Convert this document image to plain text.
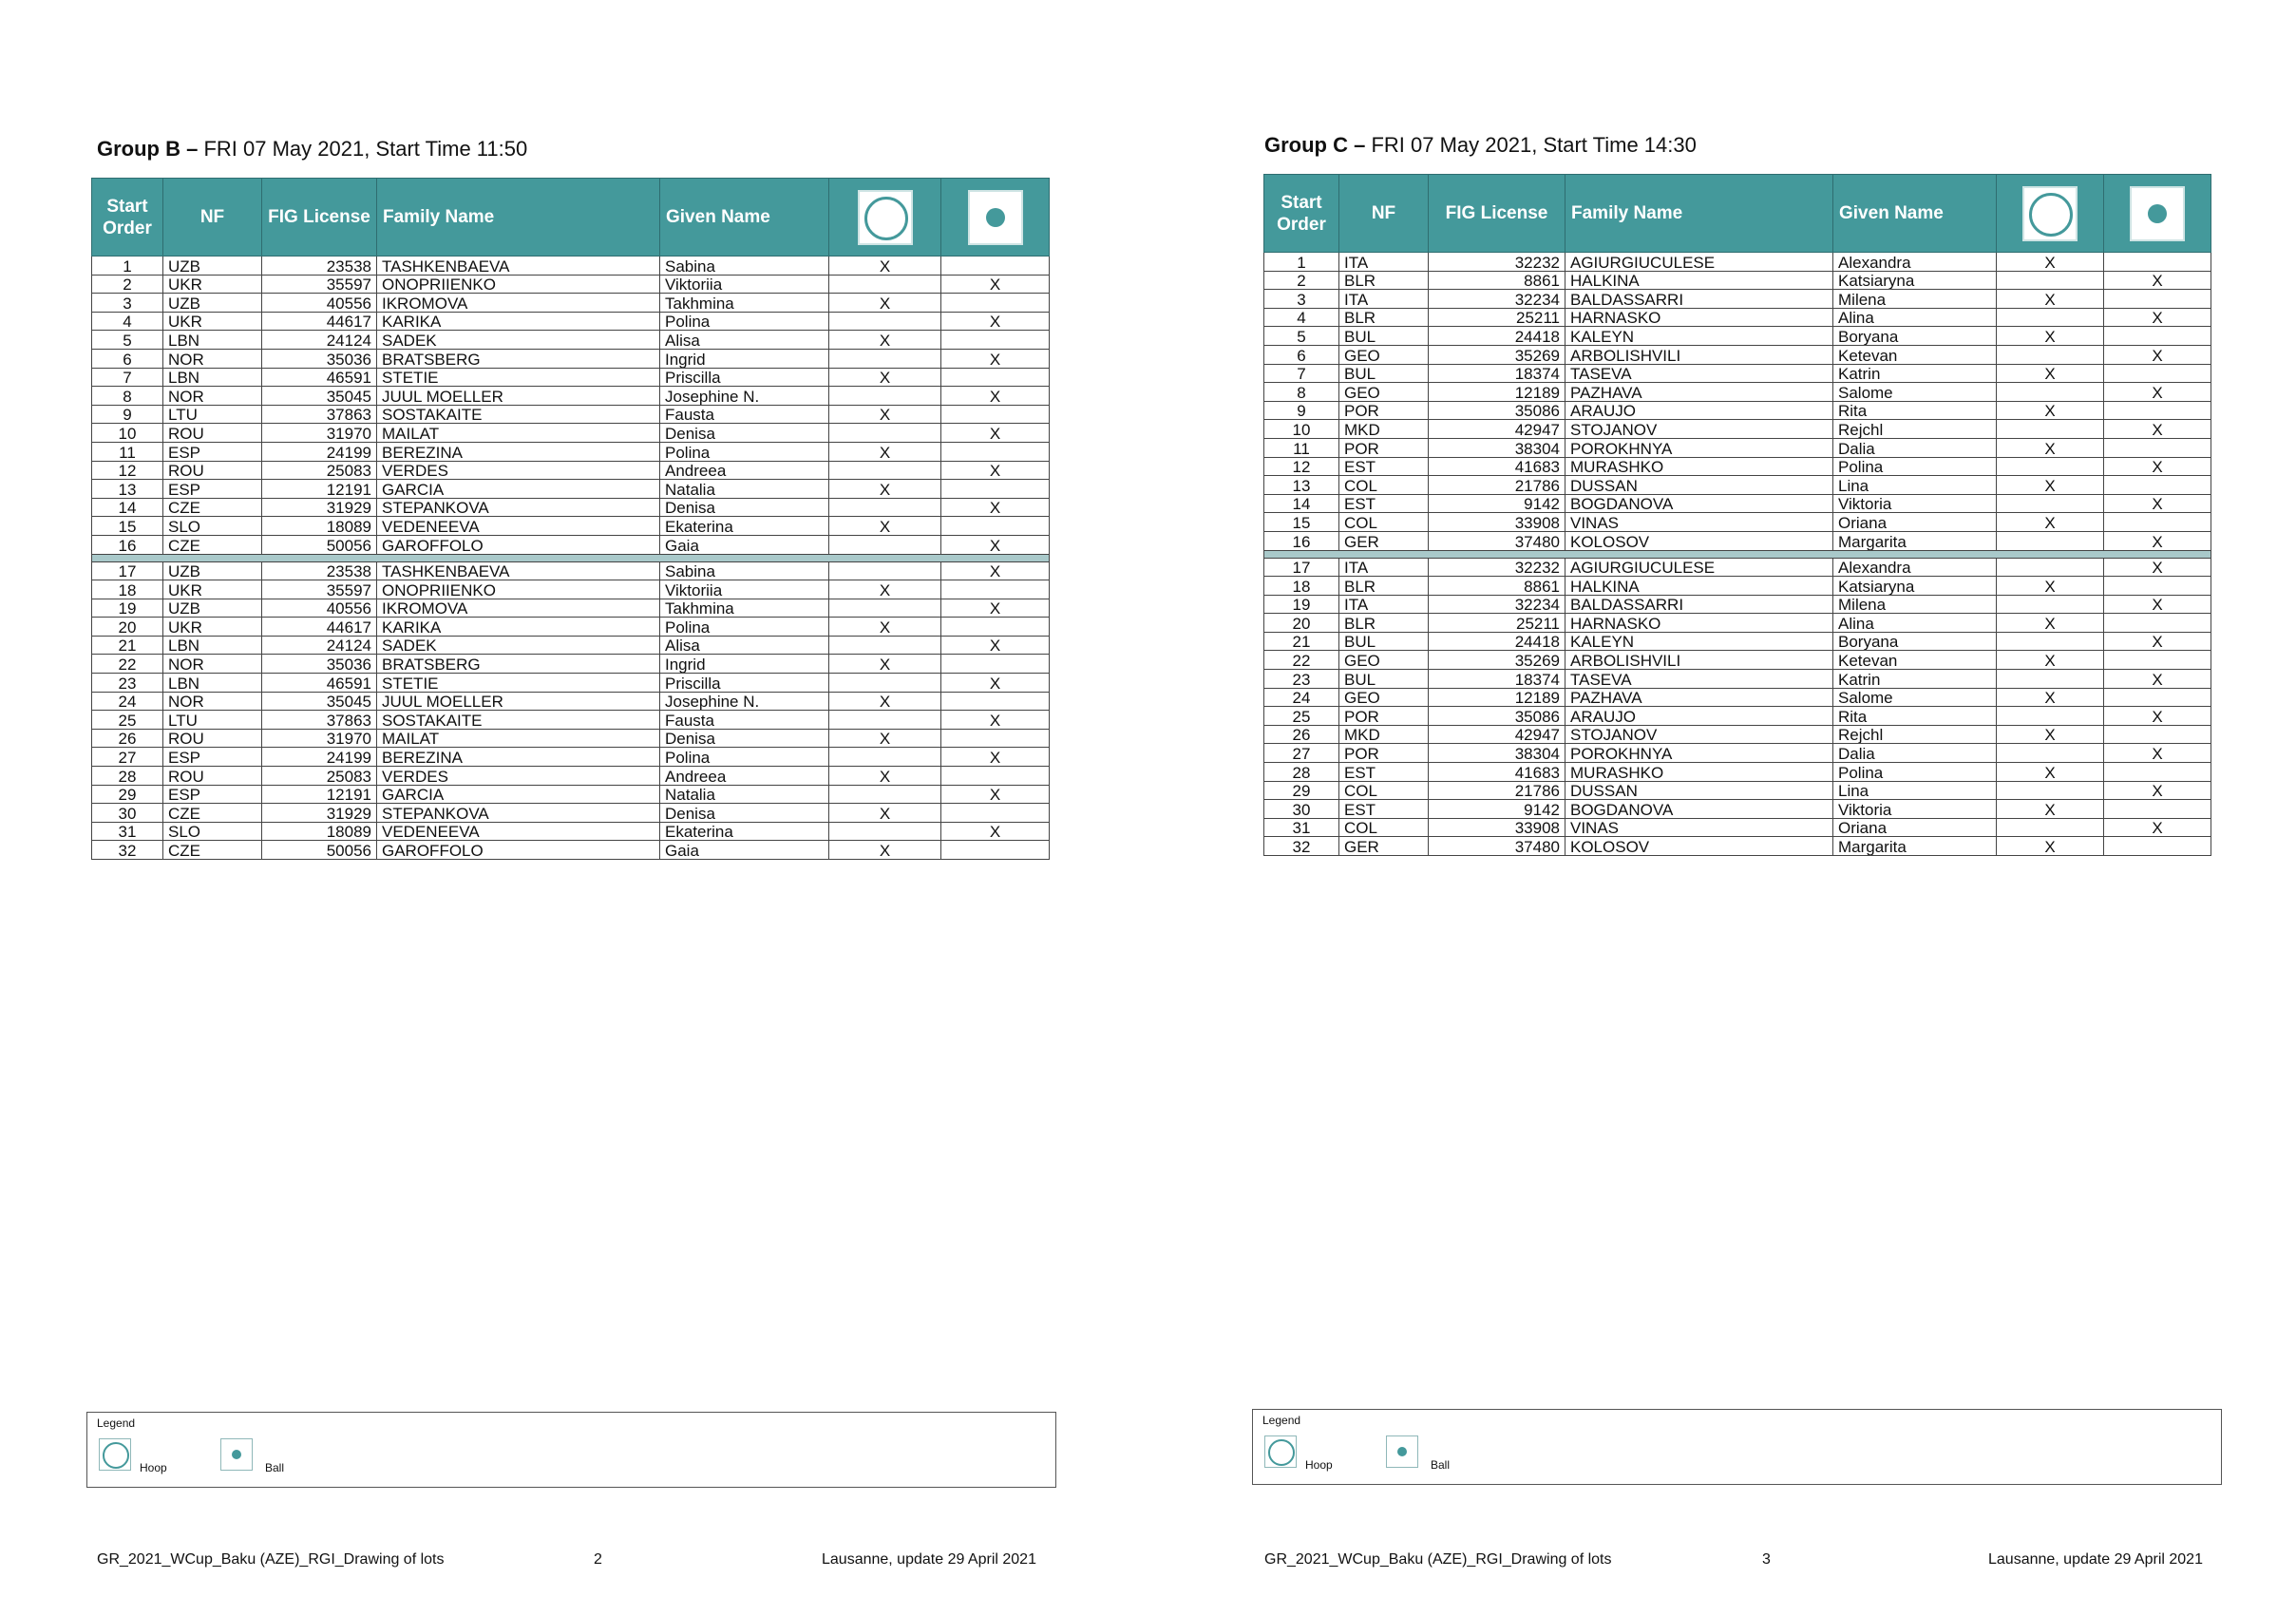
Group B – FRI 07 May 2021, Start Time 11:50
Start Order	NF	FIG License	Family Name	Given Name	

1	UZB	23538	TASHKENBAEVA	Sabina	X	
2	UKR	35597	ONOPRIIENKO	Viktoriia		X
3	UZB	40556	IKROMOVA	Takhmina	X	
4	UKR	44617	KARIKA	Polina		X
5	LBN	24124	SADEK	Alisa	X	
6	NOR	35036	BRATSBERG	Ingrid		X
7	LBN	46591	STETIE	Priscilla	X	
8	NOR	35045	JUUL MOELLER	Josephine N.		X
9	LTU	37863	SOSTAKAITE	Fausta	X	
10	ROU	31970	MAILAT	Denisa		X
11	ESP	24199	BEREZINA	Polina	X	
12	ROU	25083	VERDES	Andreea		X
13	ESP	12191	GARCIA	Natalia	X	
14	CZE	31929	STEPANKOVA	Denisa		X
15	SLO	18089	VEDENEEVA	Ekaterina	X	
16	CZE	50056	GAROFFOLO	Gaia		X

17	UZB	23538	TASHKENBAEVA	Sabina		X
18	UKR	35597	ONOPRIIENKO	Viktoriia	X	
19	UZB	40556	IKROMOVA	Takhmina		X
20	UKR	44617	KARIKA	Polina	X	
21	LBN	24124	SADEK	Alisa		X
22	NOR	35036	BRATSBERG	Ingrid	X	
23	LBN	46591	STETIE	Priscilla		X
24	NOR	35045	JUUL MOELLER	Josephine N.	X	
25	LTU	37863	SOSTAKAITE	Fausta		X
26	ROU	31970	MAILAT	Denisa	X	
27	ESP	24199	BEREZINA	Polina		X
28	ROU	25083	VERDES	Andreea	X	
29	ESP	12191	GARCIA	Natalia		X
30	CZE	31929	STEPANKOVA	Denisa	X	
31	SLO	18089	VEDENEEVA	Ekaterina		X
32	CZE	50056	GAROFFOLO	Gaia	X	
Legend
Hoop	Ball
GR_2021_WCup_Baku (AZE)_RGI_Drawing of lots	2	Lausanne, update 29 April 2021
Group C – FRI 07 May 2021, Start Time 14:30
Start Order	NF	FIG License	Family Name	Given Name	

1	ITA	32232	AGIURGIUCULESE	Alexandra	X	
2	BLR	8861	HALKINA	Katsiaryna		X
3	ITA	32234	BALDASSARRI	Milena	X	
4	BLR	25211	HARNASKO	Alina		X
5	BUL	24418	KALEYN	Boryana	X	
6	GEO	35269	ARBOLISHVILI	Ketevan		X
7	BUL	18374	TASEVA	Katrin	X	
8	GEO	12189	PAZHAVA	Salome		X
9	POR	35086	ARAUJO	Rita	X	
10	MKD	42947	STOJANOV	Rejchl		X
11	POR	38304	POROKHNYA	Dalia	X	
12	EST	41683	MURASHKO	Polina		X
13	COL	21786	DUSSAN	Lina	X	
14	EST	9142	BOGDANOVA	Viktoria		X
15	COL	33908	VINAS	Oriana	X	
16	GER	37480	KOLOSOV	Margarita		X

17	ITA	32232	AGIURGIUCULESE	Alexandra		X
18	BLR	8861	HALKINA	Katsiaryna	X	
19	ITA	32234	BALDASSARRI	Milena		X
20	BLR	25211	HARNASKO	Alina	X	
21	BUL	24418	KALEYN	Boryana		X
22	GEO	35269	ARBOLISHVILI	Ketevan	X	
23	BUL	18374	TASEVA	Katrin		X
24	GEO	12189	PAZHAVA	Salome	X	
25	POR	35086	ARAUJO	Rita		X
26	MKD	42947	STOJANOV	Rejchl	X	
27	POR	38304	POROKHNYA	Dalia		X
28	EST	41683	MURASHKO	Polina	X	
29	COL	21786	DUSSAN	Lina		X
30	EST	9142	BOGDANOVA	Viktoria	X	
31	COL	33908	VINAS	Oriana		X
32	GER	37480	KOLOSOV	Margarita	X	
Legend
Hoop	Ball
GR_2021_WCup_Baku (AZE)_RGI_Drawing of lots	3	Lausanne, update 29 April 2021
